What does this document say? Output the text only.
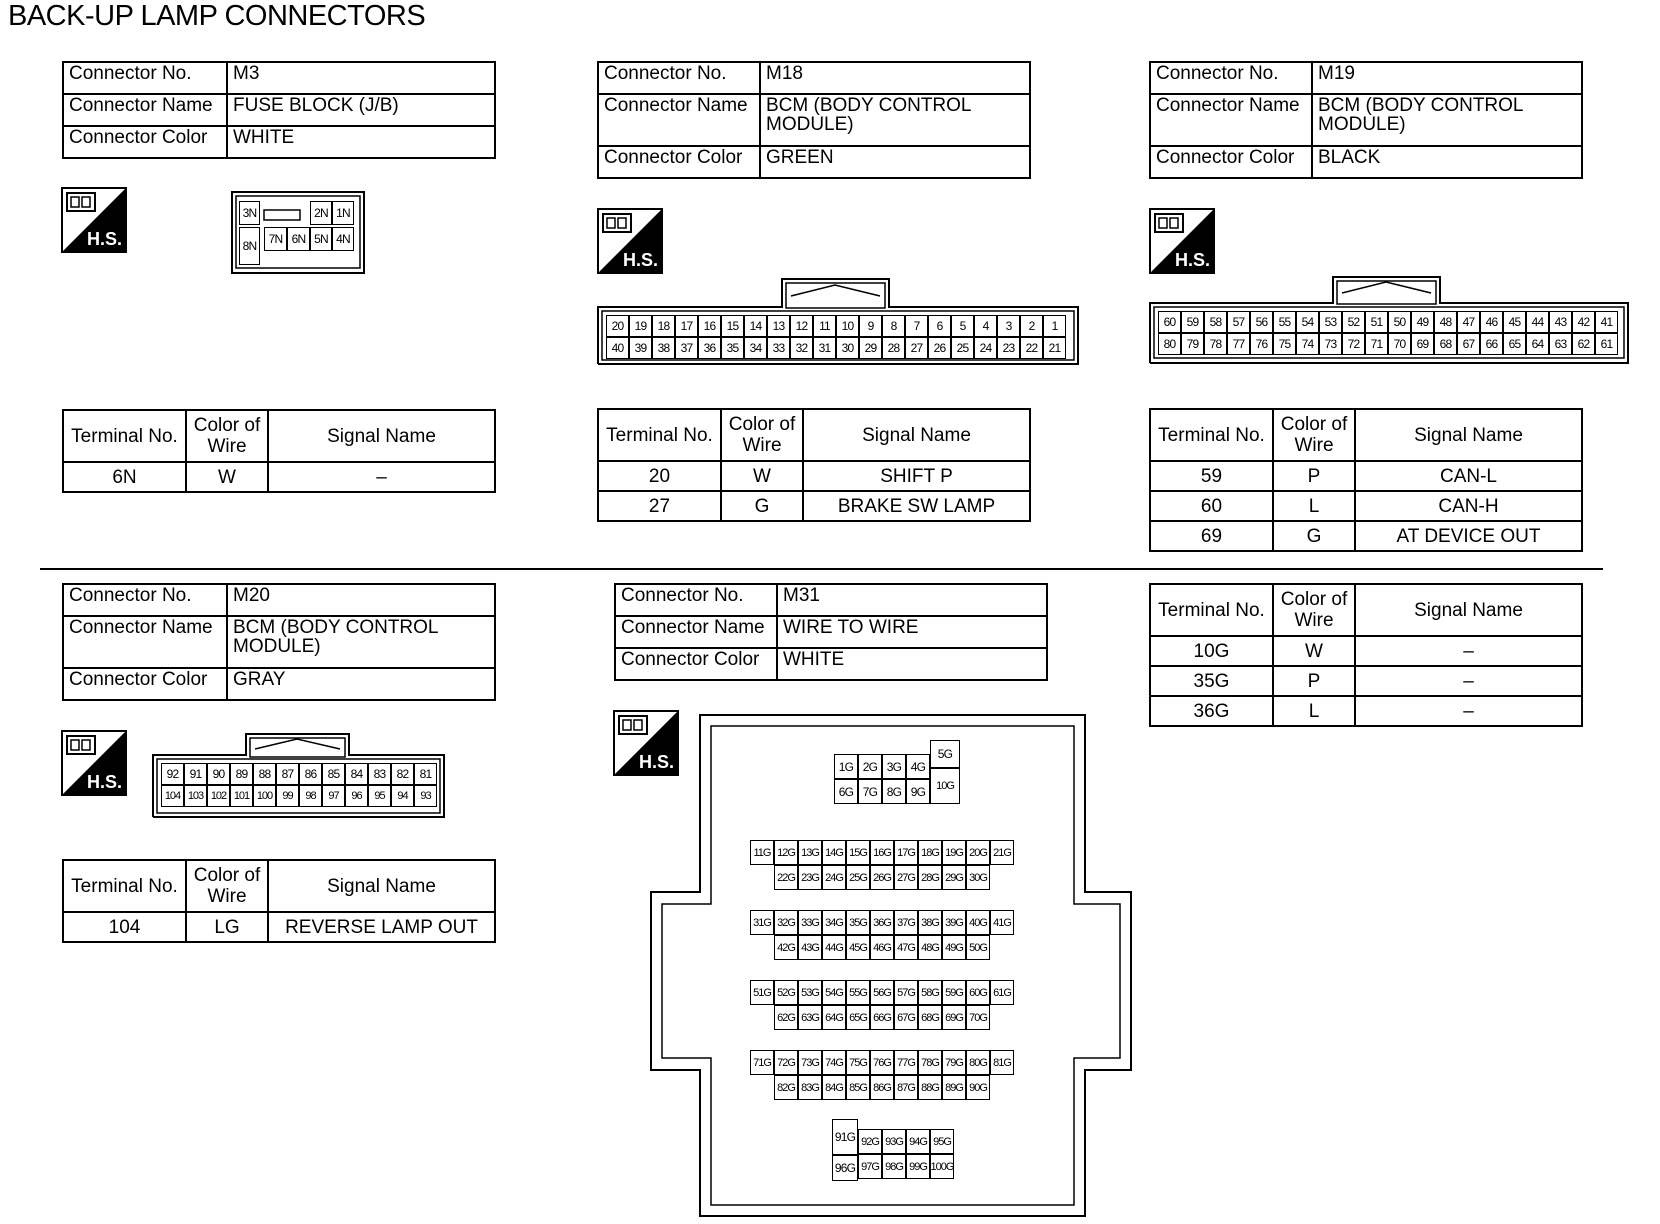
BACK-UP LAMP CONNECTORS
Connector No.	M3
Connector Name	FUSE BLOCK (J/B)
Connector Color	WHITE
H.S.
3N	2N 1N
8N	7N 6N 5N 4N
Terminal No.	Color of Wire	Signal Name
6N	W	–
Connector No.	M18
Connector Name	BCM (BODY CONTROL MODULE)
Connector Color	GREEN
H.S.
20 19 18 17 16 15 14 13 12 11 10	9	8	7	6	5	4	3	2	1
40 39 38 37 36 35 34 33 32 31 30 29 28 27 26 25 24 23 22 21
Terminal No.	Color of Wire	Signal Name
20	W	SHIFT P
27	G	BRAKE SW LAMP
Connector No.	M19
Connector Name	BCM (BODY CONTROL MODULE)
Connector Color	BLACK
H.S.
60 59 58 57 56 55 54 53 52 51 50 49 48 47 46 45 44 43 42 41
80 79 78 77 76 75 74 73 72 71 70 69 68 67 66 65 64 63 62 61
Terminal No.	Color of Wire	Signal Name
59	P	CAN-L
60	L	CAN-H
69	G	AT DEVICE OUT
Connector No.	M20
Connector Name	BCM (BODY CONTROL MODULE)
Connector Color	GRAY
H.S.	92 91 90 89 88 87 86 85 84 83 82 81
104 103 102 101 100 99	98	97	96	95	94	93
Terminal No.	Color of Wire	Signal Name
104	LG	REVERSE LAMP OUT
Connector No.	M31
Connector Name	WIRE TO WIRE
Connector Color	WHITE
H.S.	1G 2G 3G 4G
5G
6G 7G 8G 9G 10G
11G 12G 13G 14G 15G 16G 17G 18G 19G 20G 21G
22G 23G 24G 25G 26G 27G 28G 29G 30G
31G 32G 33G 34G 35G 36G 37G 38G 39G 40G 41G
42G 43G 44G 45G 46G 47G 48G 49G 50G
51G 52G 53G 54G 55G 56G 57G 58G 59G 60G 61G
62G 63G 64G 65G 66G 67G 68G 69G 70G
71G 72G 73G 74G 75G 76G 77G 78G 79G 80G 81G
82G 83G 84G 85G 86G 87G 88G 89G 90G
91G 92G 93G 94G 95G
96G 97G 98G 99G 100G
Terminal No.	Color of Wire	Signal Name
10G	W	–
35G	P	–
36G	L	–
